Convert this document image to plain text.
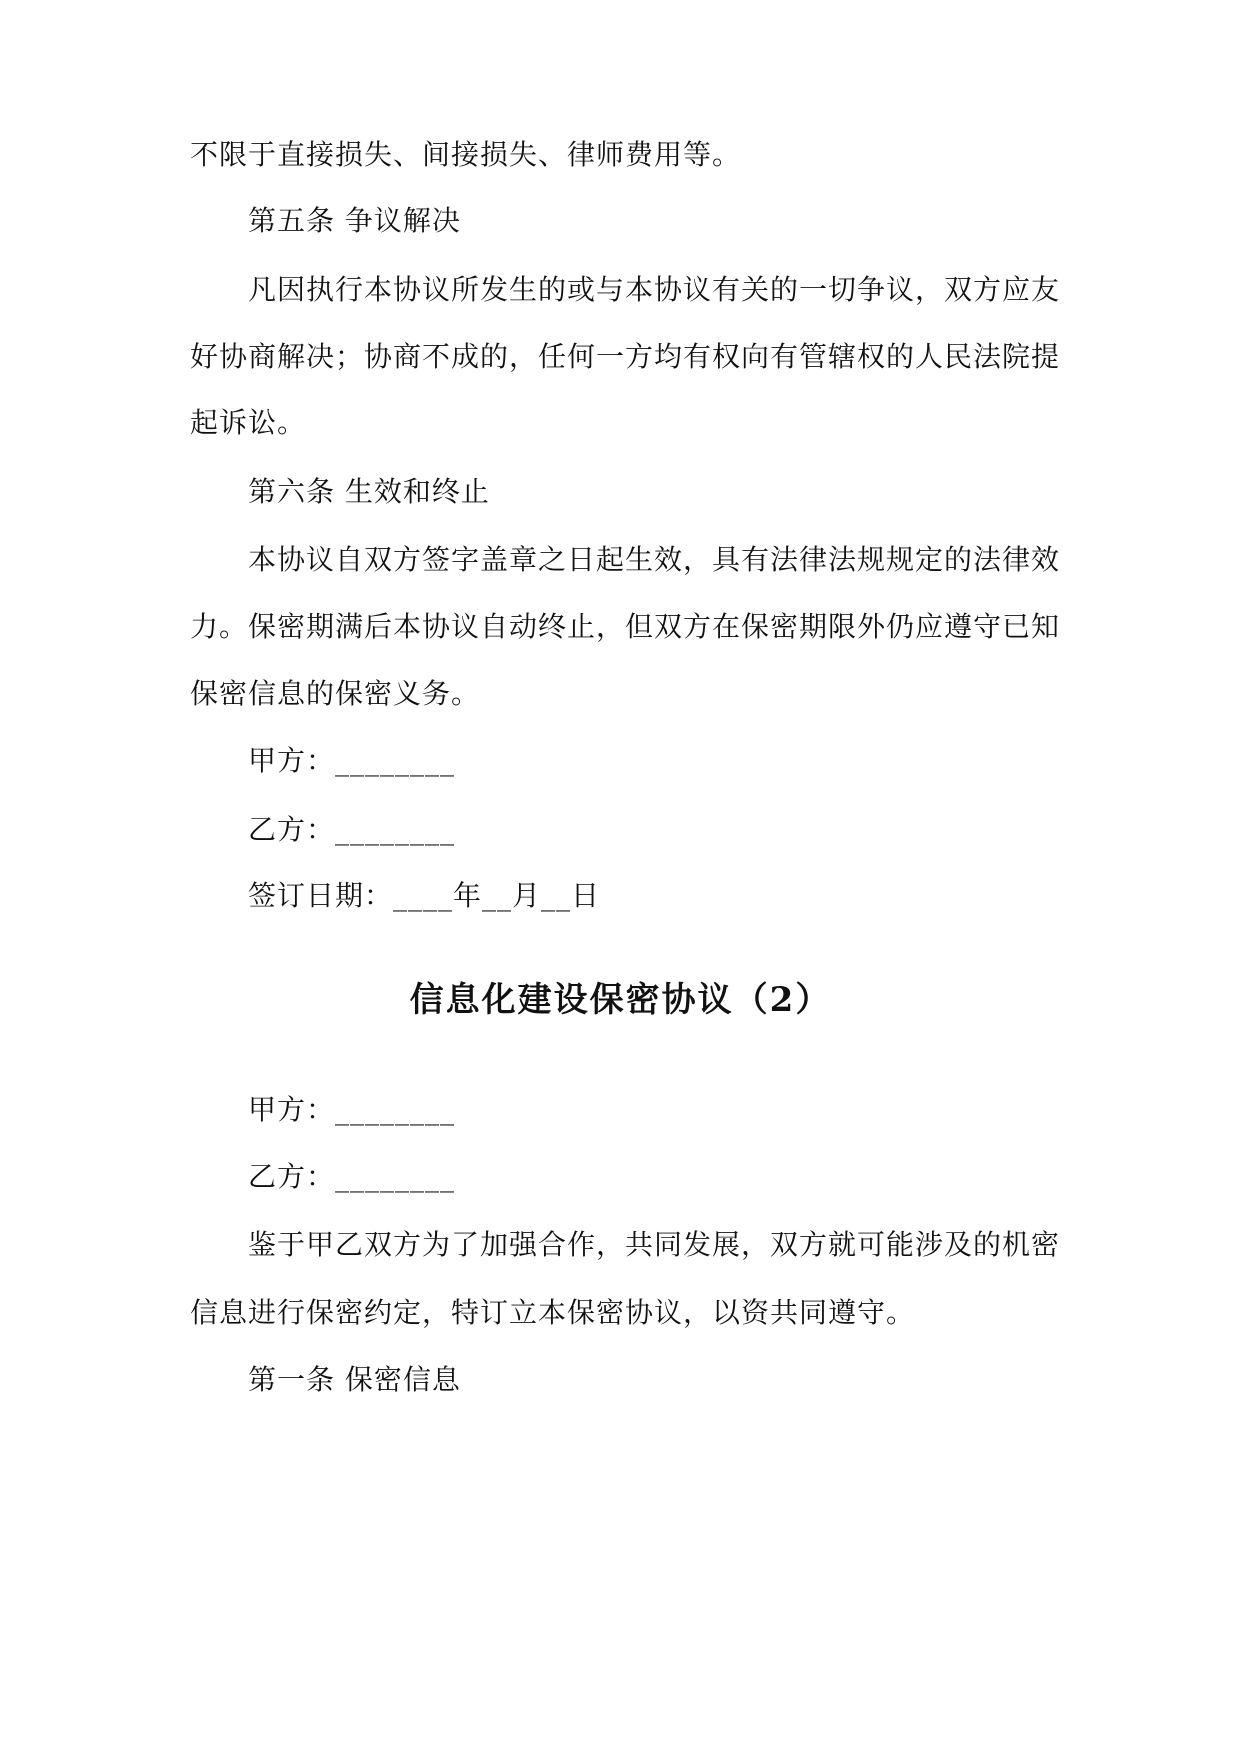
不限于直接损失、间接损失、律师费用等。
第五条 争议解决
凡因执行本协议所发生的或与本协议有关的一切争议，双方应友
好协商解决；协商不成的，任何一方均有权向有管辖权的人民法院提
起诉讼。
第六条 生效和终止
本协议自双方签字盖章之日起生效，具有法律法规规定的法律效
力。保密期满后本协议自动终止，但双方在保密期限外仍应遵守已知
保密信息的保密义务。
甲方：________
乙方：________
签订日期：____年__月__日
信息化建设保密协议（2）
甲方：________
乙方：________
鉴于甲乙双方为了加强合作，共同发展，双方就可能涉及的机密
信息进行保密约定，特订立本保密协议，以资共同遵守。
第一条 保密信息
